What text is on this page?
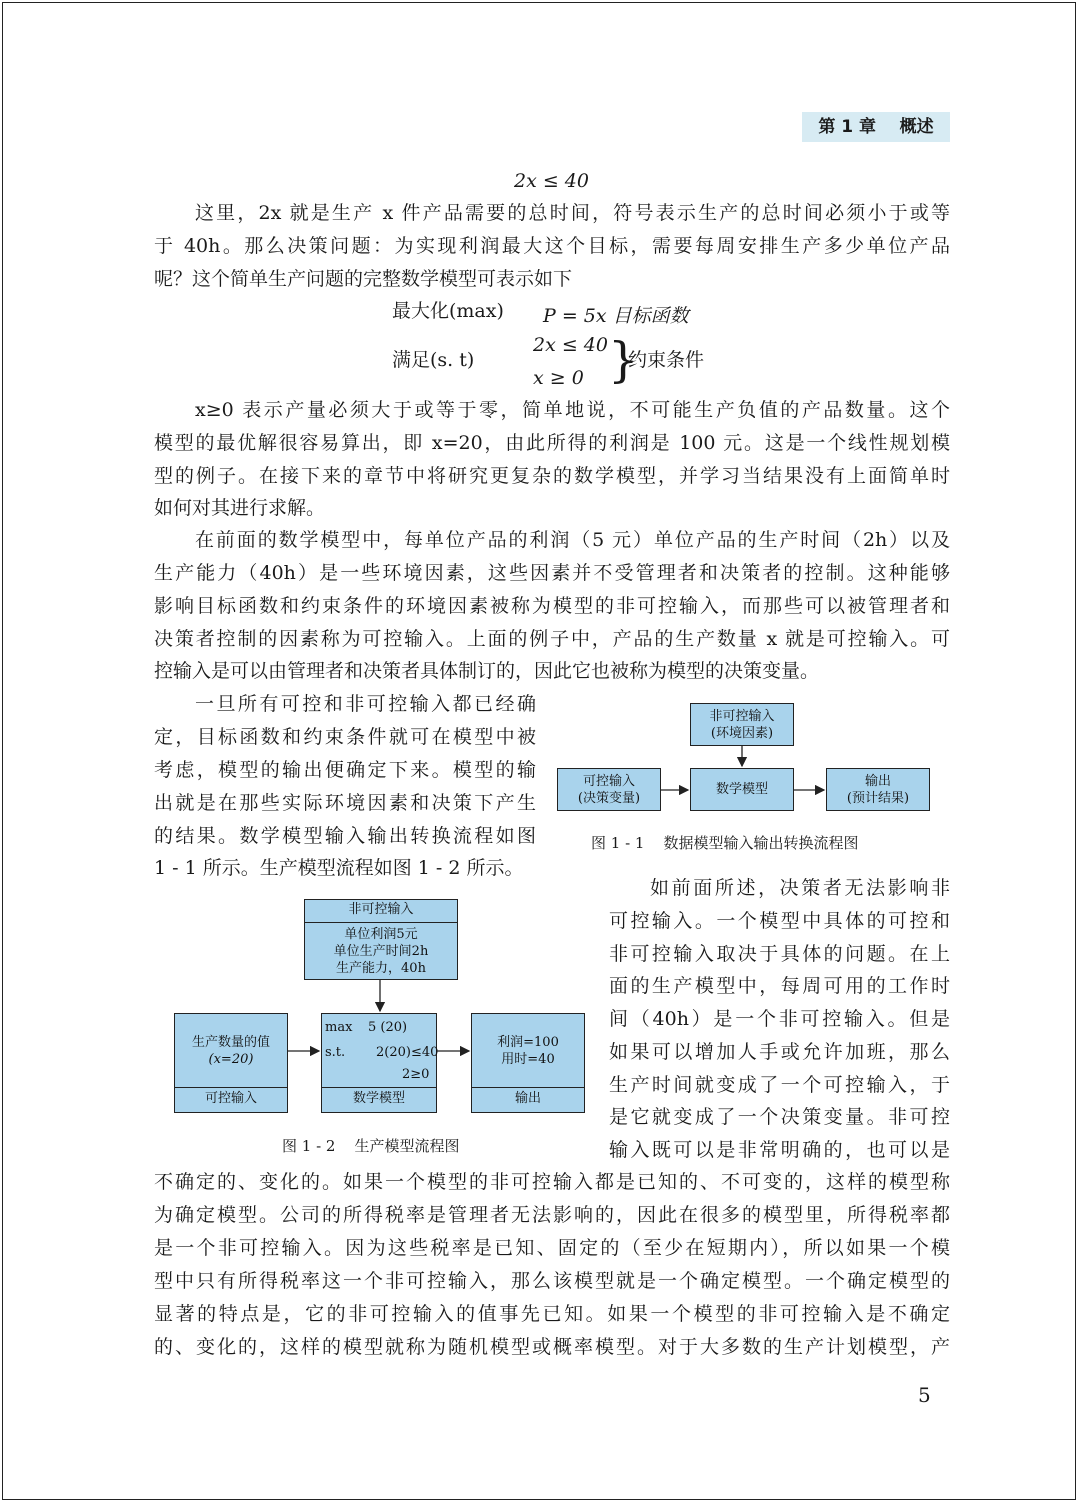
第 1 章    概述
2x ≤ 40
这里，2x 就是生产 x 件产品需要的总时间，符号表示生产的总时间必须小于或等
于 40h。那么决策问题：为实现利润最大这个目标，需要每周安排生产多少单位产品
呢？这个简单生产问题的完整数学模型可表示如下
最大化(max) P = 5x 目标函数
满足(s. t)
2x ≤ 40
x ≥ 0 }
约束条件
x≥0 表示产量必须大于或等于零，简单地说，不可能生产负值的产品数量。这个
模型的最优解很容易算出，即 x=20，由此所得的利润是 100 元。这是一个线性规划模
型的例子。在接下来的章节中将研究更复杂的数学模型，并学习当结果没有上面简单时
如何对其进行求解。
在前面的数学模型中，每单位产品的利润（5 元）单位产品的生产时间（2h）以及
生产能力（40h）是一些环境因素，这些因素并不受管理者和决策者的控制。这种能够
影响目标函数和约束条件的环境因素被称为模型的非可控输入，而那些可以被管理者和
决策者控制的因素称为可控输入。上面的例子中，产品的生产数量 x 就是可控输入。可
控输入是可以由管理者和决策者具体制订的，因此它也被称为模型的决策变量。
一旦所有可控和非可控输入都已经确
定，目标函数和约束条件就可在模型中被
考虑，模型的输出便确定下来。模型的输
出就是在那些实际环境因素和决策下产生
的结果。数学模型输入输出转换流程如图
1 - 1 所示。生产模型流程如图 1 - 2 所示。
非可控输入
(环境因素)
可控输入
(决策变量)
数学模型
输出
(预计结果)
图 1 - 1    数据模型输入输出转换流程图
如前面所述，决策者无法影响非
可控输入。一个模型中具体的可控和
非可控输入取决于具体的问题。在上
面的生产模型中，每周可用的工作时
间（40h）是一个非可控输入。但是
如果可以增加人手或允许加班，那么
生产时间就变成了一个可控输入，于
是它就变成了一个决策变量。非可控
输入既可以是非常明确的，也可以是
非可控输入
单位利润5元
单位生产时间2h
生产能力，40h
生产数量的值
(x=20)
可控输入
max 5 (20)
s.t. 2(20)≤40
2≥0
数学模型
利润=100
用时=40
输出
图 1 - 2    生产模型流程图
不确定的、变化的。如果一个模型的非可控输入都是已知的、不可变的，这样的模型称
为确定模型。公司的所得税率是管理者无法影响的，因此在很多的模型里，所得税率都
是一个非可控输入。因为这些税率是已知、固定的（至少在短期内），所以如果一个模
型中只有所得税率这一个非可控输入，那么该模型就是一个确定模型。一个确定模型的
显著的特点是，它的非可控输入的值事先已知。如果一个模型的非可控输入是不确定
的、变化的，这样的模型就称为随机模型或概率模型。对于大多数的生产计划模型，产
5
